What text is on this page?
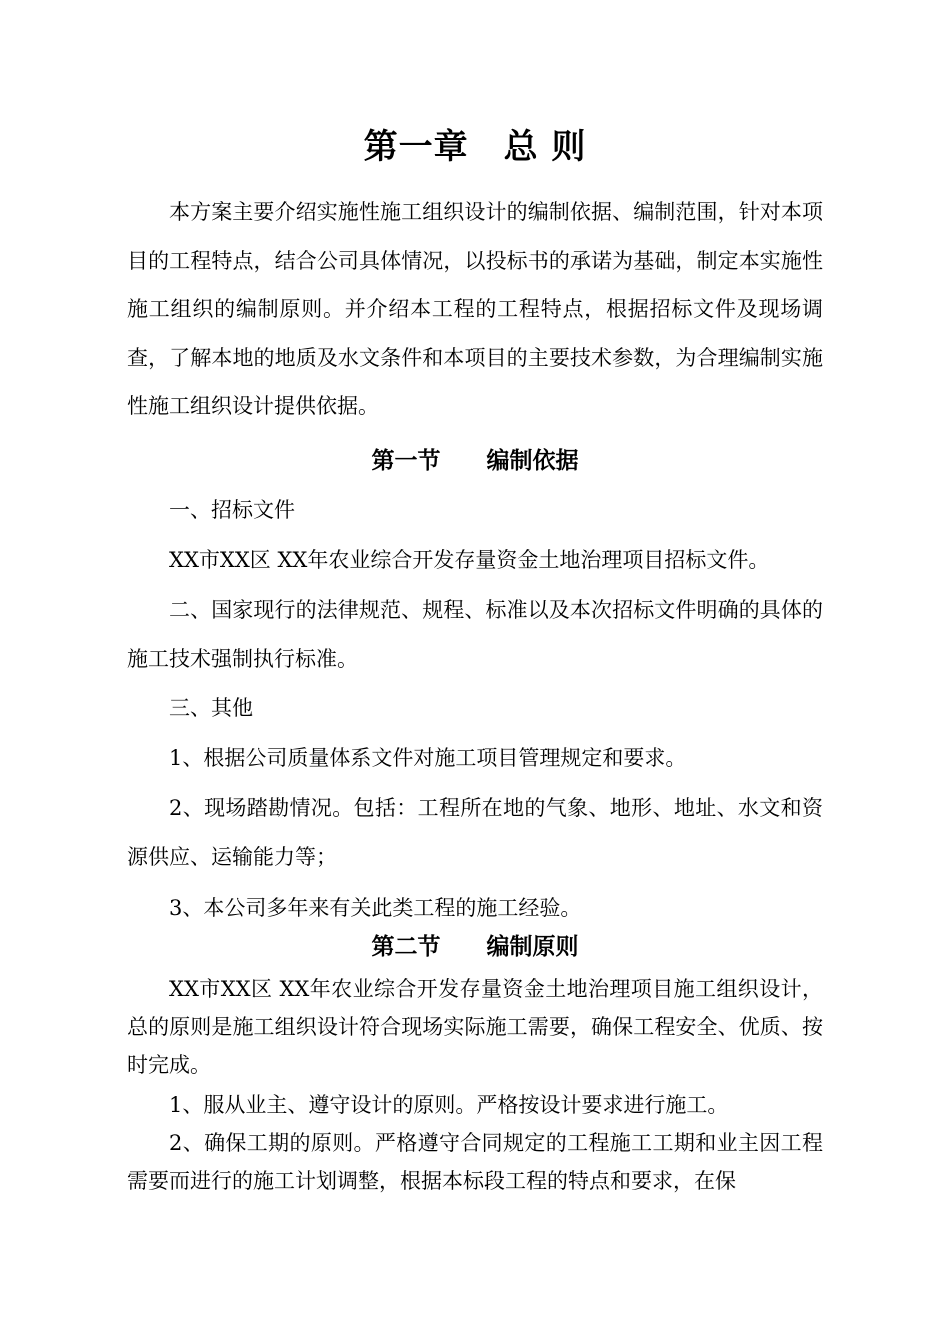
第一章　总 则

本方案主要介绍实施性施工组织设计的编制依据、编制范围，针对本项目的工程特点，结合公司具体情况，以投标书的承诺为基础，制定本实施性施工组织的编制原则。并介绍本工程的工程特点，根据招标文件及现场调查，了解本地的地质及水文条件和本项目的主要技术参数，为合理编制实施性施工组织设计提供依据。

第一节　　编制依据

一、招标文件

XX市XX区 XX年农业综合开发存量资金土地治理项目招标文件。

二、国家现行的法律规范、规程、标准以及本次招标文件明确的具体的施工技术强制执行标准。

三、其他

1、根据公司质量体系文件对施工项目管理规定和要求。

2、现场踏勘情况。包括：工程所在地的气象、地形、地址、水文和资源供应、运输能力等；

3、本公司多年来有关此类工程的施工经验。

第二节　　编制原则

XX市XX区 XX年农业综合开发存量资金土地治理项目施工组织设计，总的原则是施工组织设计符合现场实际施工需要，确保工程安全、优质、按时完成。

1、服从业主、遵守设计的原则。严格按设计要求进行施工。

2、确保工期的原则。严格遵守合同规定的工程施工工期和业主因工程需要而进行的施工计划调整，根据本标段工程的特点和要求，在保
